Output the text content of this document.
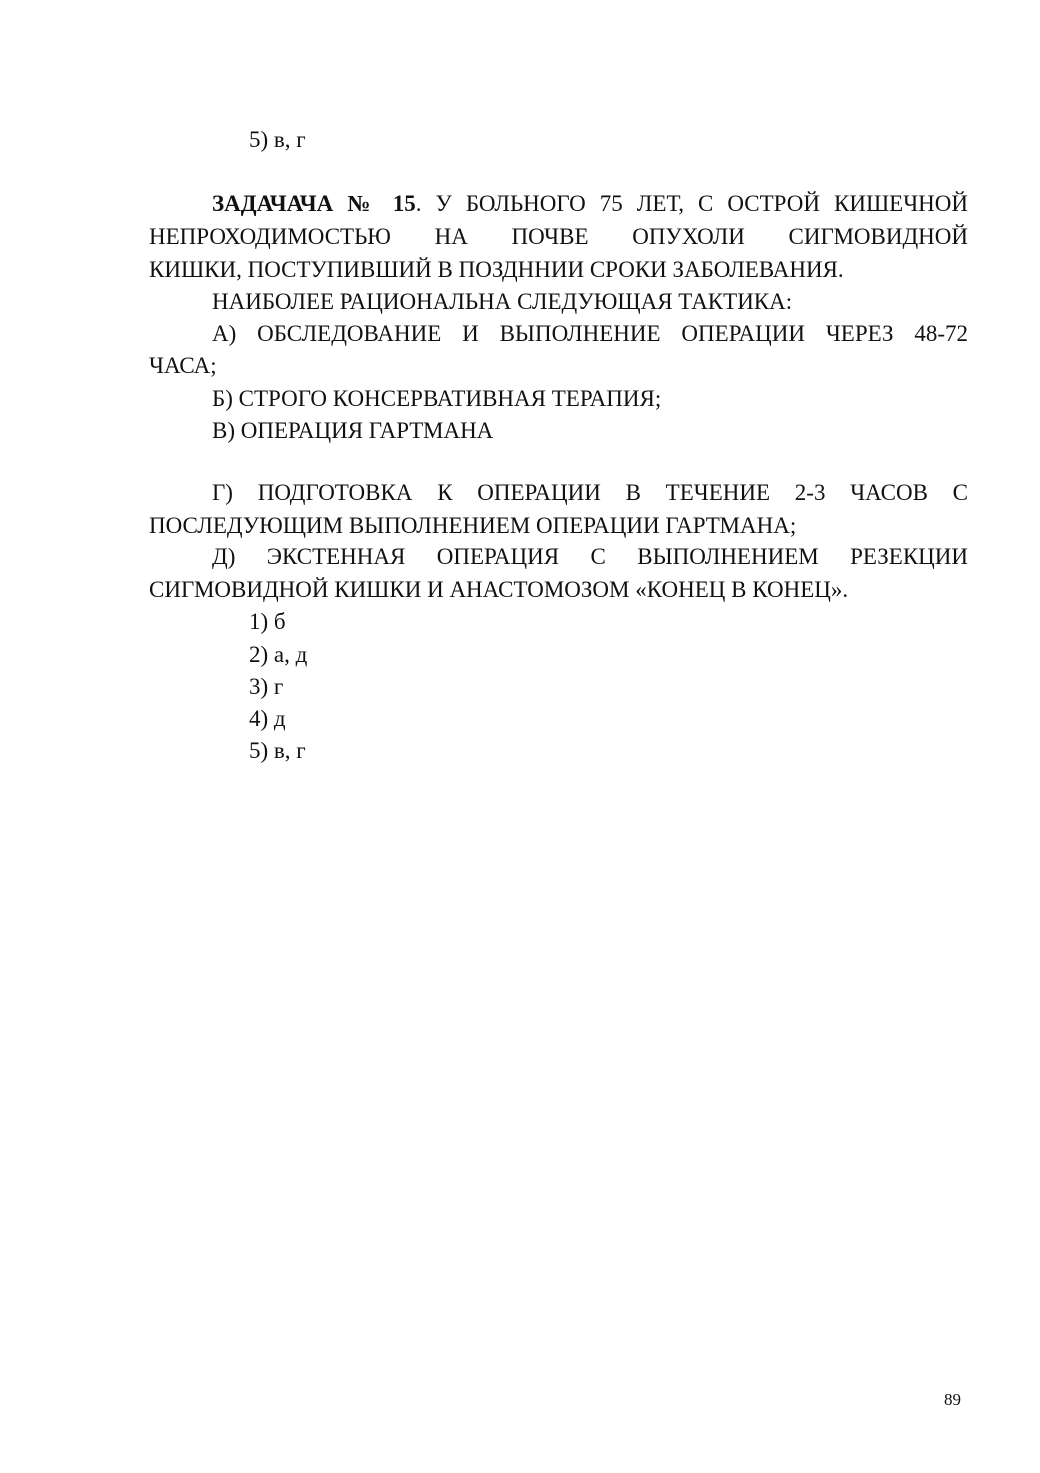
5) в, г
ЗАДАЧАЧА № 15. У БОЛЬНОГО 75 ЛЕТ, С ОСТРОЙ КИШЕЧНОЙ
НЕПРОХОДИМОСТЬЮ НА ПОЧВЕ ОПУХОЛИ СИГМОВИДНОЙ
КИШКИ, ПОСТУПИВШИЙ В ПОЗДННИИ СРОКИ ЗАБОЛЕВАНИЯ.
НАИБОЛЕЕ РАЦИОНАЛЬНА СЛЕДУЮЩАЯ ТАКТИКА:
А) ОБСЛЕДОВАНИЕ И ВЫПОЛНЕНИЕ ОПЕРАЦИИ ЧЕРЕЗ 48-72
ЧАСА;
Б) СТРОГО КОНСЕРВАТИВНАЯ ТЕРАПИЯ;
В) ОПЕРАЦИЯ ГАРТМАНА
Г) ПОДГОТОВКА К ОПЕРАЦИИ В ТЕЧЕНИЕ 2-3 ЧАСОВ С
ПОСЛЕДУЮЩИМ ВЫПОЛНЕНИЕМ ОПЕРАЦИИ ГАРТМАНА;
Д) ЭКСТЕННАЯ ОПЕРАЦИЯ С ВЫПОЛНЕНИЕМ РЕЗЕКЦИИ
СИГМОВИДНОЙ КИШКИ И АНАСТОМОЗОМ «КОНЕЦ В КОНЕЦ».
1) б
2) а, д
3) г
4) д
5) в, г
89
